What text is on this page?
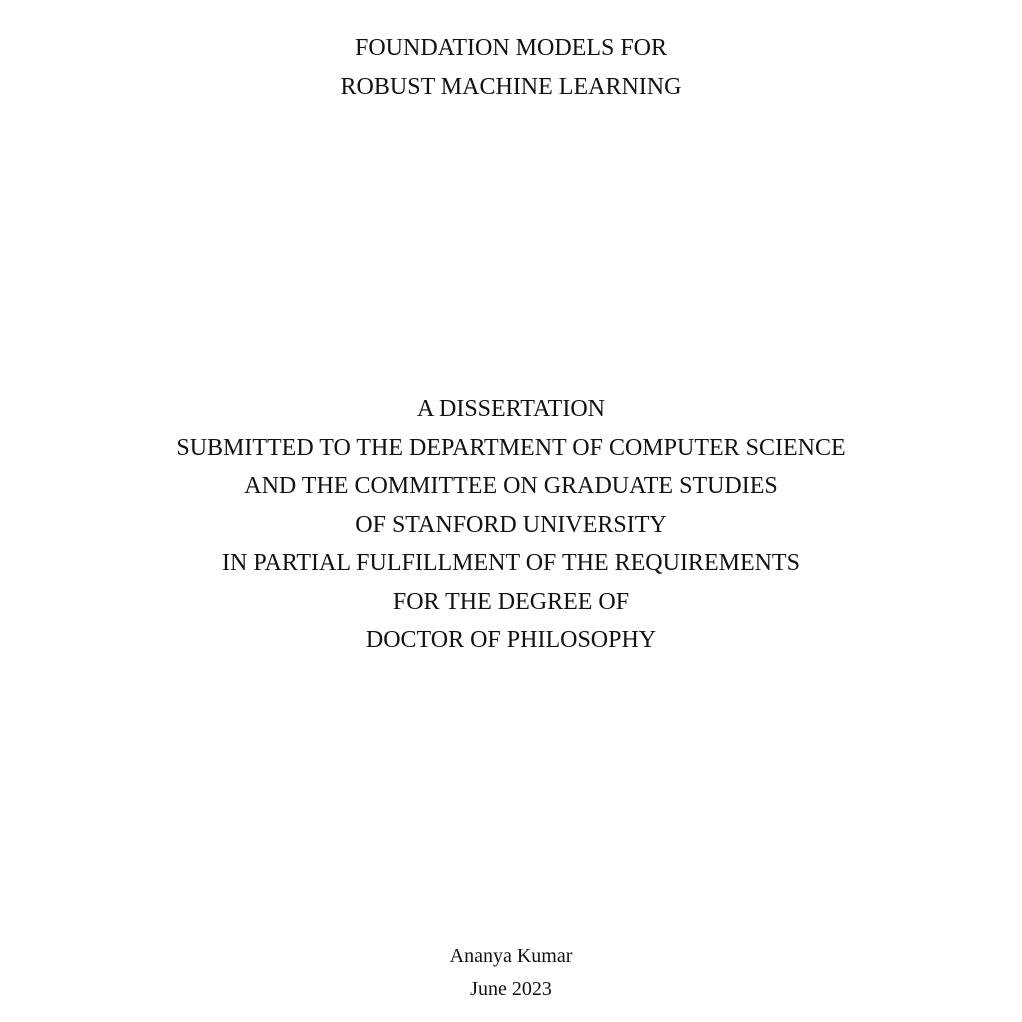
FOUNDATION MODELS FOR
ROBUST MACHINE LEARNING
A DISSERTATION
SUBMITTED TO THE DEPARTMENT OF COMPUTER SCIENCE
AND THE COMMITTEE ON GRADUATE STUDIES
OF STANFORD UNIVERSITY
IN PARTIAL FULFILLMENT OF THE REQUIREMENTS
FOR THE DEGREE OF
DOCTOR OF PHILOSOPHY
Ananya Kumar
June 2023
